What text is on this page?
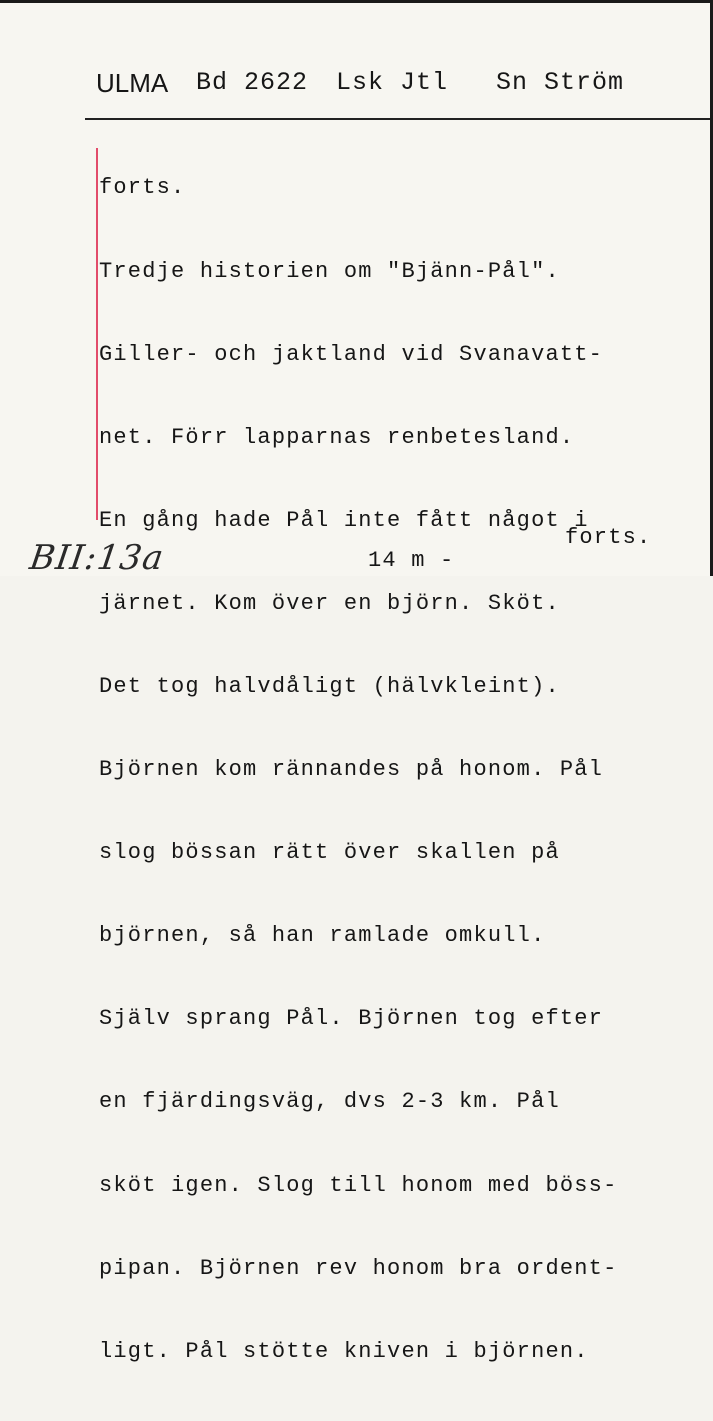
ULMA Bd 2622 Lsk Jtl Sn Ström

forts.

Tredje historien om "Bjänn-Pål".

Giller- och jaktland vid Svanavatt-

net. Förr lapparnas renbetesland.

En gång hade Pål inte fått något i

järnet. Kom över en björn. Sköt.

Det tog halvdåligt (hälvkleint).

Björnen kom rännandes på honom. Pål

slog bössan rätt över skallen på

björnen, så han ramlade omkull.

Själv sprang Pål. Björnen tog efter

en fjärdingsväg, dvs 2-3 km. Pål

sköt igen. Slog till honom med böss-

pipan. Björnen rev honom bra ordent-

ligt. Pål stötte kniven i björnen.

forts.
14 m -
BII:13a
